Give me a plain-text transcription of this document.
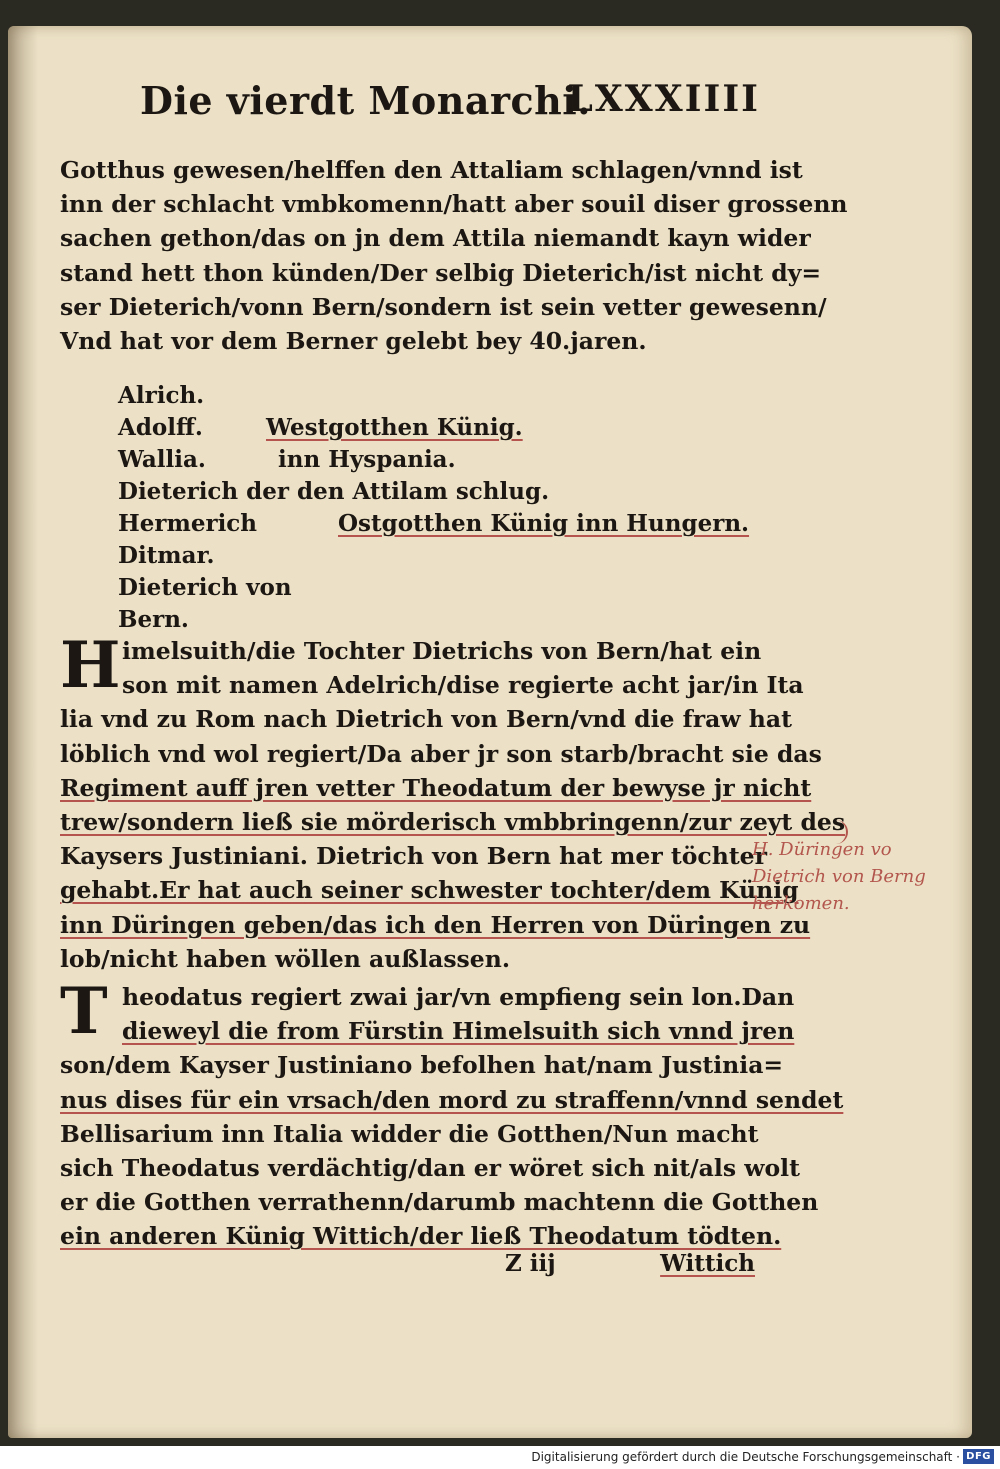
Die vierdt Monarchi.
LXXXIIII
Gotthus gewesen/helffen den Attaliam schlagen/vnnd ist
inn der schlacht vmbkomenn/hatt aber souil diser grossenn
sachen gethon/das on jn dem Attila niemandt kayn wider
stand hett thon künden/Der selbig Dieterich/ist nicht dy=
ser Dieterich/vonn Bern/sondern ist sein vetter gewesenn/
Vnd hat vor dem Berner gelebt bey 40.jaren.
Alrich.
Adolff.	Westgotthen Künig.
Wallia.	inn Hyspania.
Dieterich der den Attilam schlug.
Hermerich	Ostgotthen Künig inn Hungern.
Ditmar.
Dieterich von
Bern.
H imelsuith/die Tochter Dietrichs von Bern/hat ein
son mit namen Adelrich/dise regierte acht jar/in Ita
lia vnd zu Rom nach Dietrich von Bern/vnd die fraw hat
löblich vnd wol regiert/Da aber jr son starb/bracht sie das
Regiment auff jren vetter Theodatum der bewyse jr nicht
trew/sondern ließ sie mörderisch vmbbringenn/zur zeyt des
Kaysers Justiniani. Dietrich von Bern hat mer töchter
gehabt.Er hat auch seiner schwester tochter/dem Künig
inn Düringen geben/das ich den Herren von Düringen zu
lob/nicht haben wöllen außlassen.
T heodatus regiert zwai jar/vn empfieng sein lon.Dan
dieweyl die from Fürstin Himelsuith sich vnnd jren
son/dem Kayser Justiniano befolhen hat/nam Justinia=
nus dises für ein vrsach/den mord zu straffenn/vnnd sendet
Bellisarium inn Italia widder die Gotthen/Nun macht
sich Theodatus verdächtig/dan er wöret sich nit/als wolt
er die Gotthen verrathenn/darumb machtenn die Gotthen
ein anderen Künig Wittich/der ließ Theodatum tödten.
Z iij	Wittich
H. Düringen vo
Dietrich von Berng
herkomen.
Digitalisierung gefördert durch die Deutsche Forschungsgemeinschaft · DFG
